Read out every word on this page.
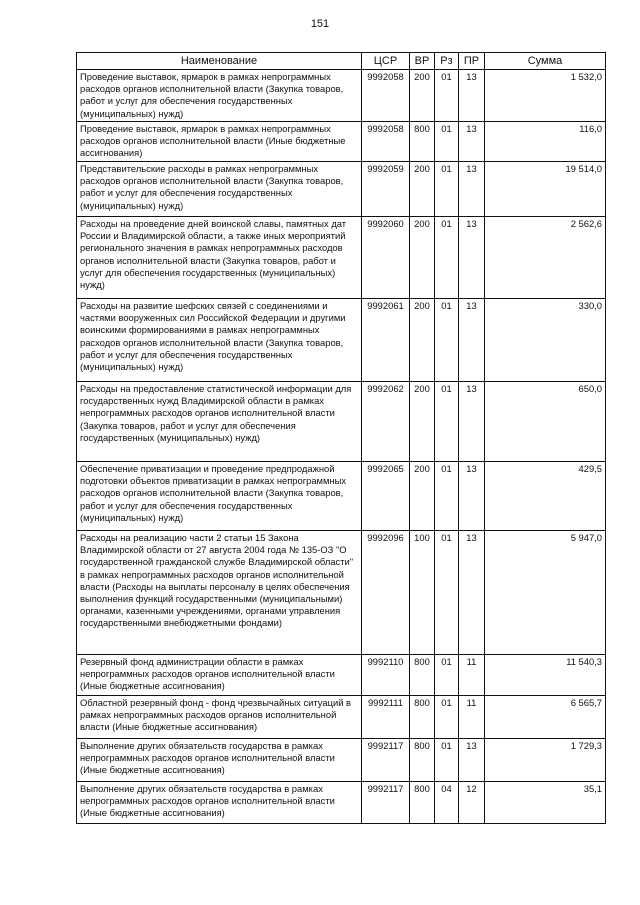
151
Наименование	ЦСР	ВР	Рз	ПР	Сумма
Проведение выставок, ярмарок в рамках непрограммных расходов органов исполнительной власти (Закупка товаров, работ и услуг для обеспечения государственных (муниципальных) нужд)	9992058	200	01	13	1 532,0
Проведение выставок, ярмарок в рамках непрограммных расходов органов исполнительной власти (Иные бюджетные ассигнования)	9992058	800	01	13	116,0
Представительские расходы в рамках непрограммных расходов органов исполнительной власти (Закупка товаров, работ и услуг для обеспечения государственных (муниципальных) нужд)	9992059	200	01	13	19 514,0
Расходы на проведение дней воинской славы, памятных дат России и Владимирской области, а также иных мероприятий регионального значения в рамках непрограммных расходов органов исполнительной власти (Закупка товаров, работ и услуг для обеспечения государственных (муниципальных) нужд)	9992060	200	01	13	2 562,6
Расходы на развитие шефских связей с соединениями и частями вооруженных сил Российской Федерации и другими воинскими формированиями в рамках непрограммных расходов органов исполнительной власти (Закупка товаров, работ и услуг для обеспечения государственных (муниципальных) нужд)	9992061	200	01	13	330,0
Расходы на предоставление статистической информации для государственных нужд Владимирской области в рамках непрограммных расходов органов исполнительной власти (Закупка товаров, работ и услуг для обеспечения государственных (муниципальных) нужд)	9992062	200	01	13	650,0
Обеспечение приватизации и проведение предпродажной подготовки объектов приватизации в рамках непрограммных расходов органов исполнительной власти (Закупка товаров, работ и услуг для обеспечения государственных (муниципальных) нужд)	9992065	200	01	13	429,5
Расходы на реализацию части 2 статьи 15 Закона Владимирской области от 27 августа 2004 года № 135-ОЗ "О государственной гражданской службе Владимирской области" в рамках непрограммных расходов органов исполнительной власти (Расходы на выплаты персоналу в целях обеспечения выполнения функций государственными (муниципальными) органами, казенными учреждениями, органами управления государственными внебюджетными фондами)	9992096	100	01	13	5 947,0
Резервный фонд администрации области в рамках непрограммных расходов органов исполнительной власти (Иные бюджетные ассигнования)	9992110	800	01	11	11 540,3
Областной резервный фонд - фонд чрезвычайных ситуаций в рамках непрограммных расходов органов исполнительной власти (Иные бюджетные ассигнования)	9992111	800	01	11	6 565,7
Выполнение других обязательств государства в рамках непрограммных расходов органов исполнительной власти (Иные бюджетные ассигнования)	9992117	800	01	13	1 729,3
Выполнение других обязательств государства в рамках непрограммных расходов органов исполнительной власти (Иные бюджетные ассигнования)	9992117	800	04	12	35,1
